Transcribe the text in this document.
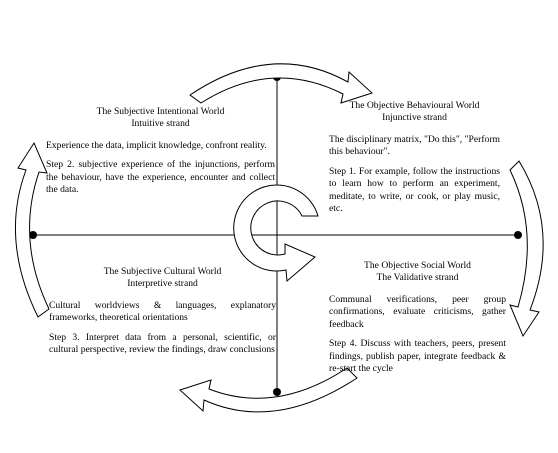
The Subjective Intentional World
Intuitive strand
Experience the data, implicit knowledge, confront reality.
Step 2. subjective experience of the injunctions, perform the behaviour, have the experience, encounter and collect the data.
The Objective Behavioural World
Injunctive strand
The disciplinary matrix, "Do this", "Perform this behaviour".
Step 1. For example, follow the instructions to learn how to perform an experiment, meditate, to write, or cook, or play music, etc.
The Subjective Cultural World
Interpretive strand
Cultural worldviews & languages, explanatory frameworks, theoretical orientations
Step 3. Interpret data from a personal, scientific, or cultural perspective, review the findings, draw conclusions
The Objective Social World
The Validative strand
Communal verifications, peer group confirmations, evaluate criticisms, gather feedback
Step 4. Discuss with teachers, peers, present findings, publish paper, integrate feedback & re-start the cycle
